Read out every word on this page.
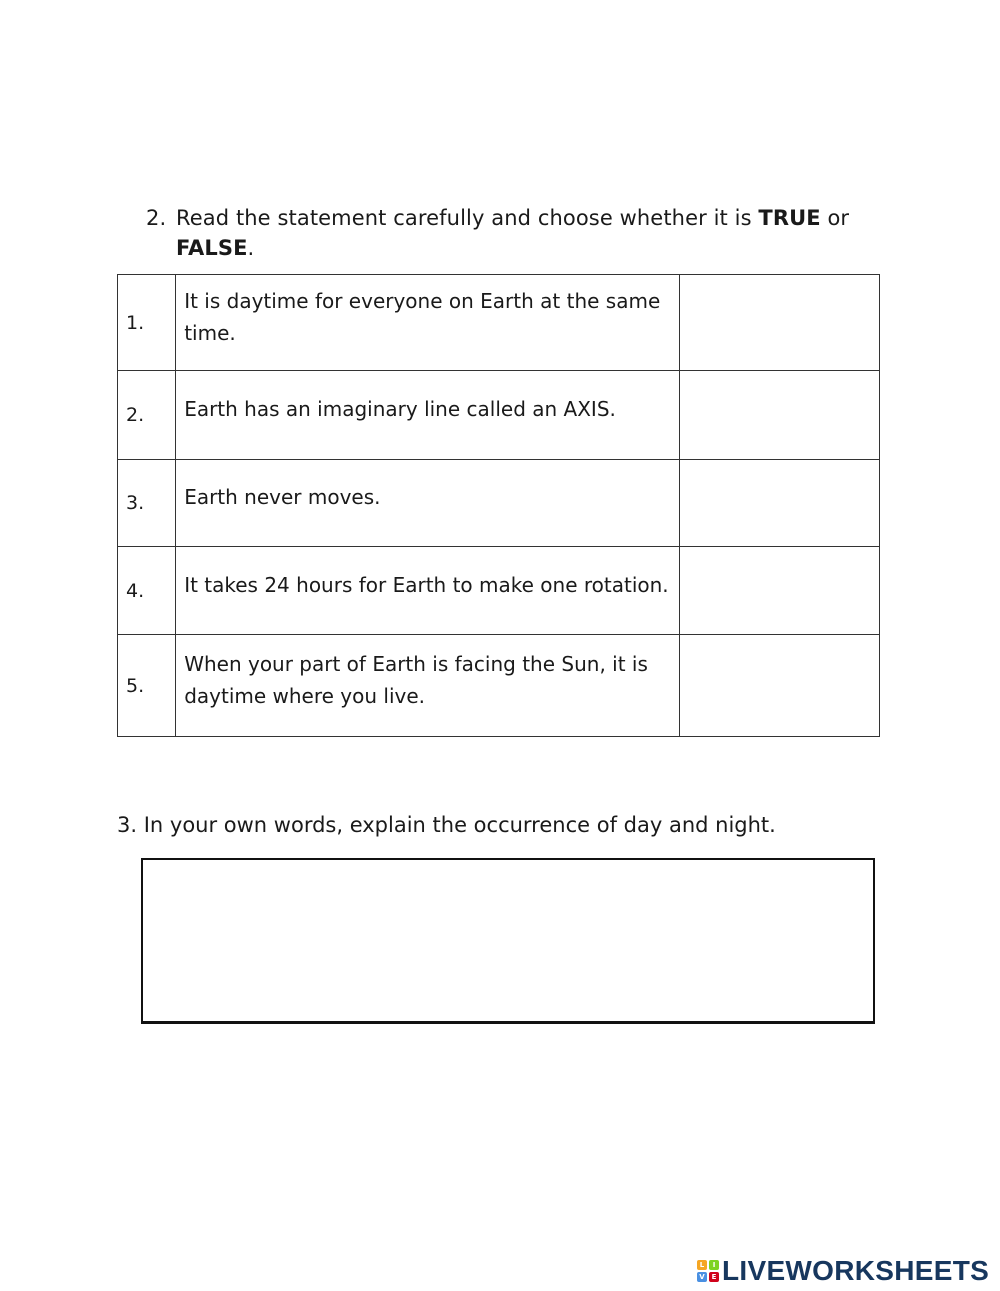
2. Read the statement carefully and choose whether it is TRUE or FALSE.
1.	It is daytime for everyone on Earth at the same time.	
2.	Earth has an imaginary line called an AXIS.	
3.	Earth never moves.	
4.	It takes 24 hours for Earth to make one rotation.	
5.	When your part of Earth is facing the Sun, it is daytime where you live.	
3. In your own words, explain the occurrence of day and night.
L	I
V E LIVEWORKSHEETS
